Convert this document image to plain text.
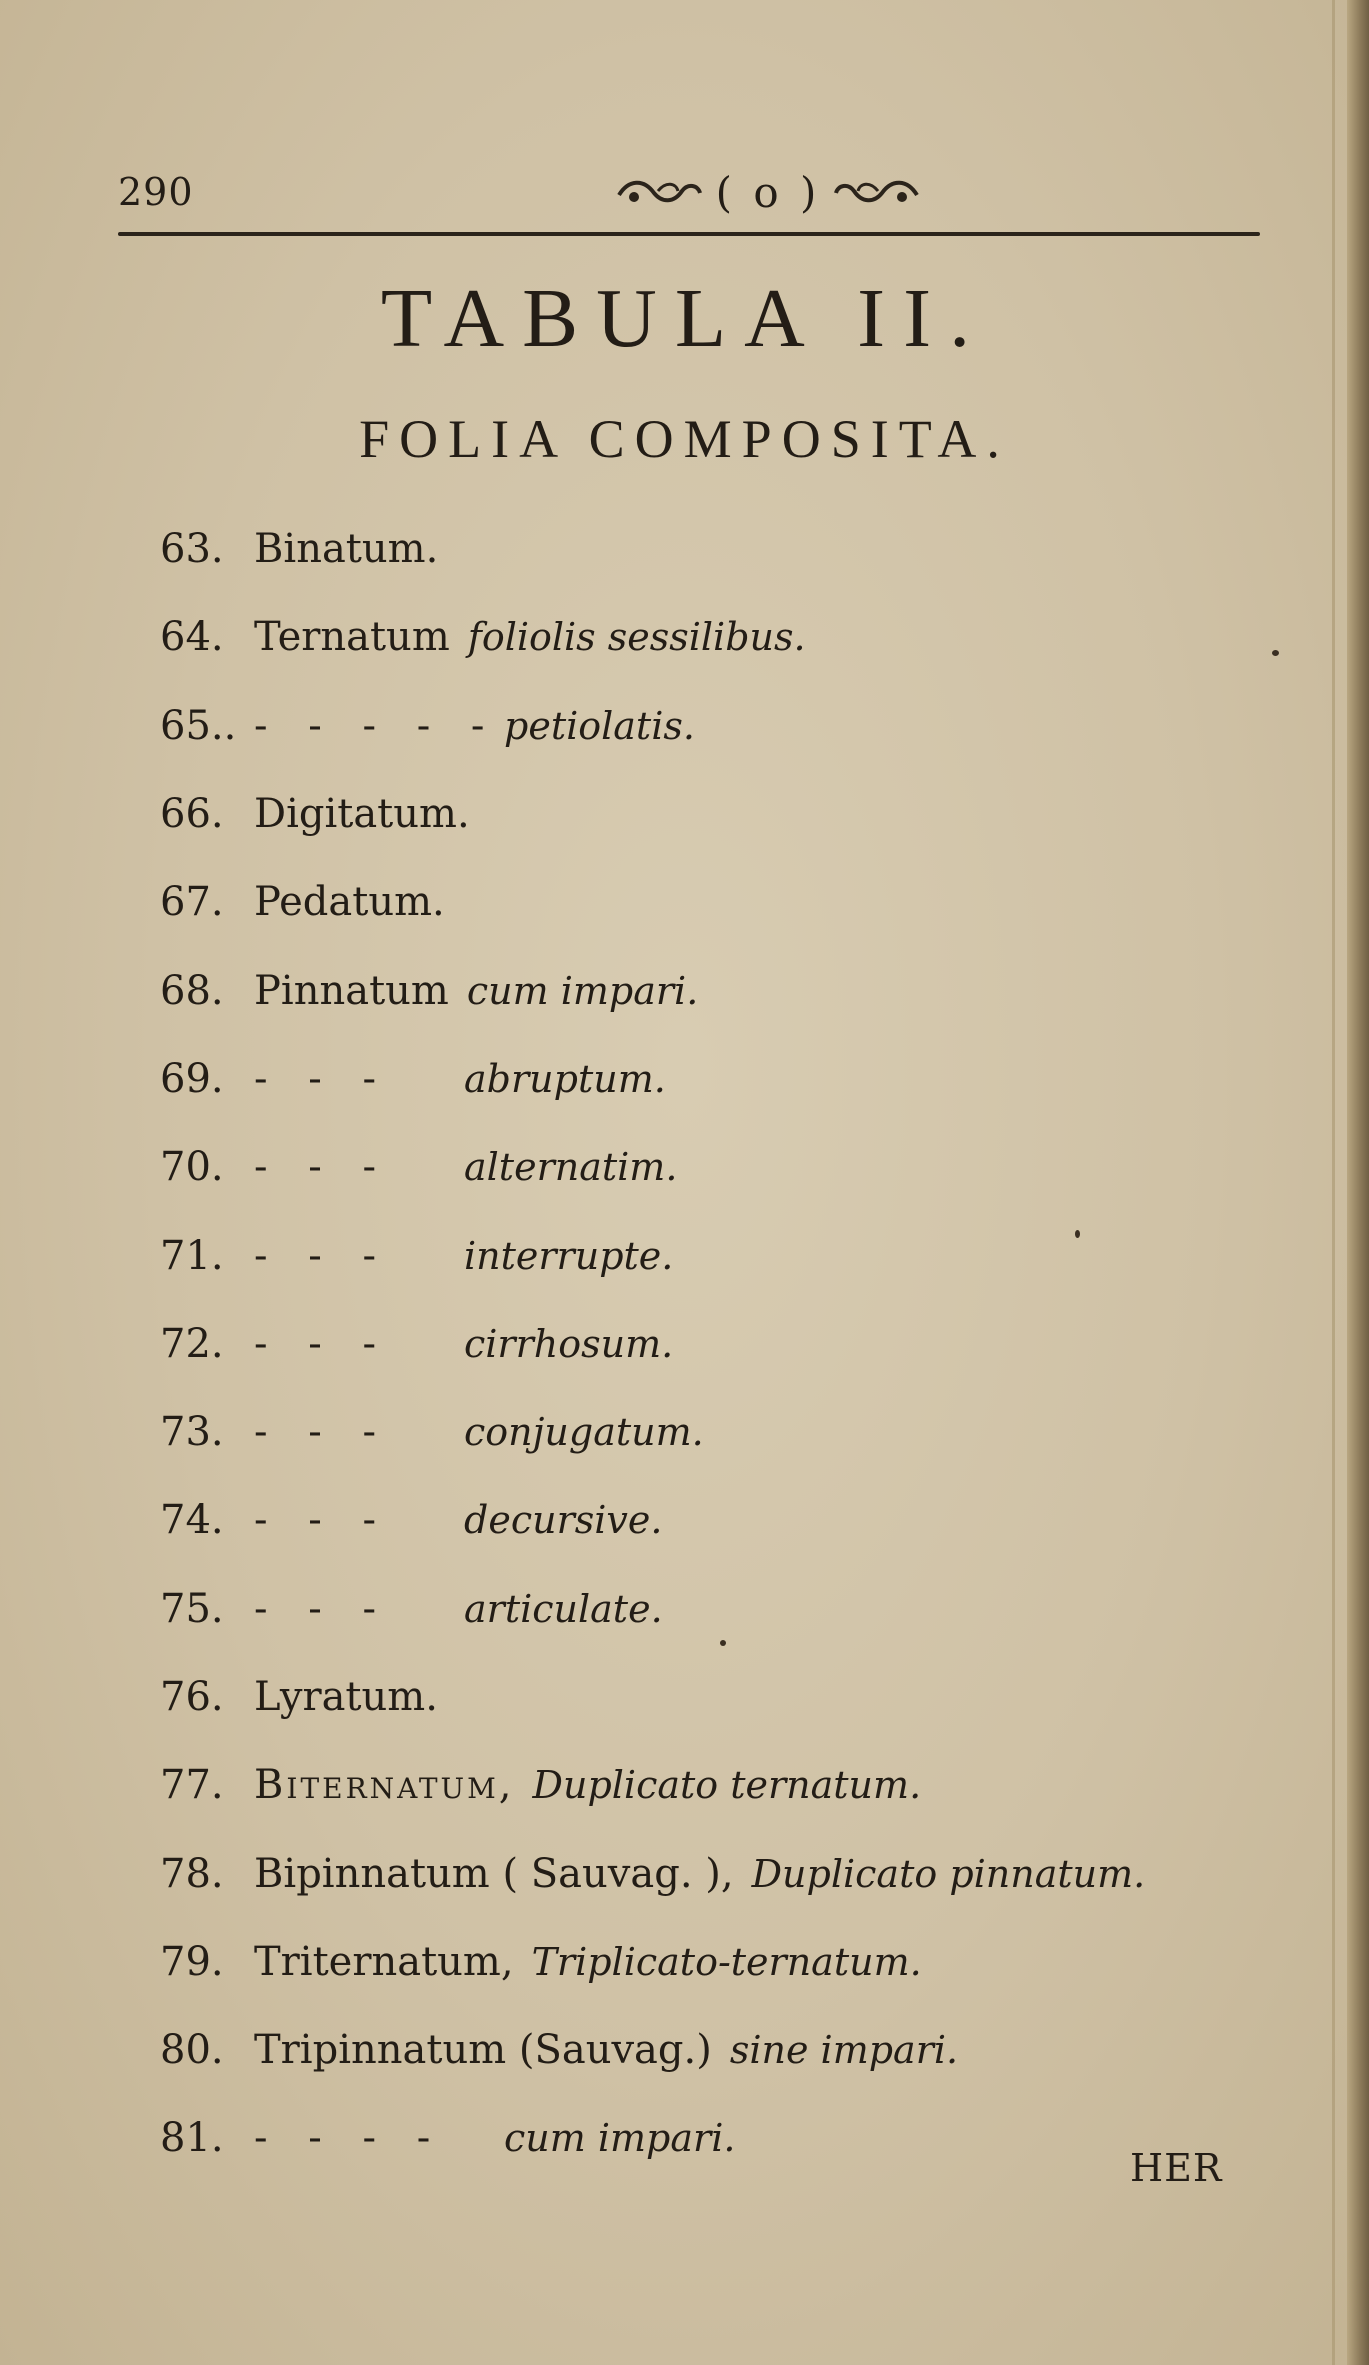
290	( o )
TABULA II.
FOLIA COMPOSITA.
63. Binatum.
64. Ternatum foliolis sessilibus.
65.. - - - - - petiolatis.
66. Digitatum.
67. Pedatum.
68. Pinnatum cum impari.
69. - - -	abruptum.
70. - - -	alternatim.
71. - - -	interrupte.
72. - - -	cirrhosum.
73. - - -	conjugatum.
74. - - -	decursive.
75. - - -	articulate.
76. Lyratum.
77. Biternatum, Duplicato ternatum.
78. Bipinnatum ( Sauvag. ), Duplicato pinnatum.
79. Triternatum, Triplicato-ternatum.
80. Tripinnatum (Sauvag.) sine impari.
81. - - - -	cum impari.
HER
